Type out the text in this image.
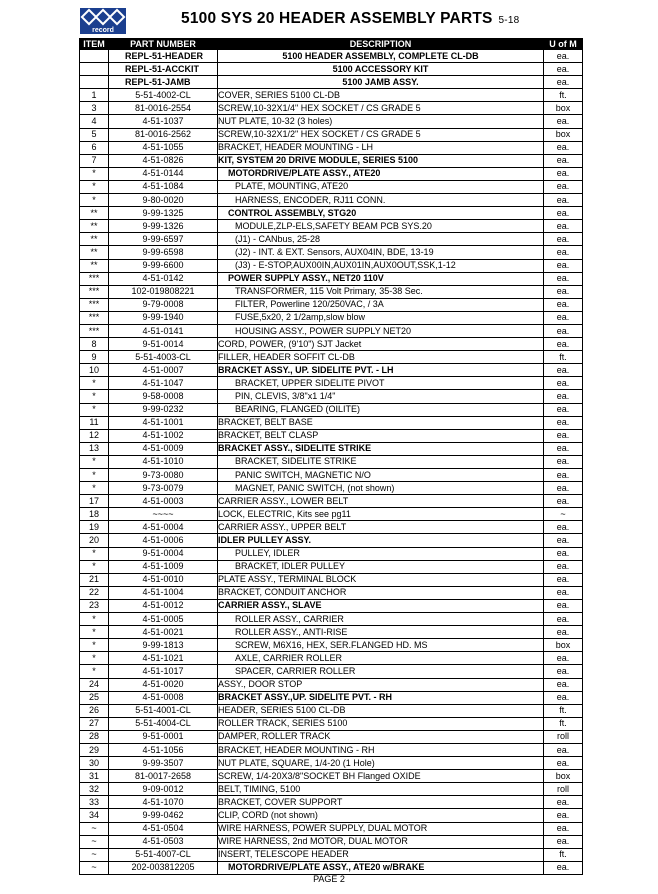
record
5100 SYS 20 HEADER ASSEMBLY PARTS 5-18
ITEM	PART NUMBER	DESCRIPTION	U of M
	REPL-51-HEADER	5100 HEADER ASSEMBLY, COMPLETE CL-DB	ea.
	REPL-51-ACCKIT	5100 ACCESSORY KIT	ea.
	REPL-51-JAMB	5100 JAMB ASSY.	ea.
1	5-51-4002-CL	COVER, SERIES 5100 CL-DB	ft.
3	81-0016-2554	SCREW,10-32X1/4" HEX SOCKET / CS GRADE 5	box
4	4-51-1037	NUT PLATE, 10-32 (3 holes)	ea.
5	81-0016-2562	SCREW,10-32X1/2" HEX SOCKET / CS GRADE 5	box
6	4-51-1055	BRACKET, HEADER MOUNTING - LH	ea.
7	4-51-0826	KIT, SYSTEM 20 DRIVE MODULE, SERIES 5100	ea.
*	4-51-0144	MOTORDRIVE/PLATE ASSY., ATE20	ea.
*	4-51-1084	PLATE, MOUNTING, ATE20	ea.
*	9-80-0020	HARNESS, ENCODER, RJ11 CONN.	ea.
**	9-99-1325	CONTROL ASSEMBLY, STG20	ea.
**	9-99-1326	MODULE,ZLP-ELS,SAFETY BEAM PCB SYS.20	ea.
**	9-99-6597	(J1) - CANbus, 25-28	ea.
**	9-99-6598	(J2) - INT. & EXT. Sensors, AUX04IN, BDE, 13-19	ea.
**	9-99-6600	(J3) - E-STOP,AUX00IN,AUX01IN,AUX0OUT,SSK,1-12	ea.
***	4-51-0142	POWER SUPPLY ASSY., NET20 110V	ea.
***	102-019808221	TRANSFORMER, 115 Volt Primary, 35-38 Sec.	ea.
***	9-79-0008	FILTER, Powerline 120/250VAC, / 3A	ea.
***	9-99-1940	FUSE,5x20, 2 1/2amp,slow blow	ea.
***	4-51-0141	HOUSING ASSY., POWER SUPPLY NET20	ea.
8	9-51-0014	CORD, POWER, (9'10") SJT Jacket	ea.
9	5-51-4003-CL	FILLER, HEADER SOFFIT CL-DB	ft.
10	4-51-0007	BRACKET ASSY., UP. SIDELITE PVT. - LH	ea.
*	4-51-1047	BRACKET, UPPER SIDELITE PIVOT	ea.
*	9-58-0008	PIN, CLEVIS, 3/8"x1 1/4"	ea.
*	9-99-0232	BEARING, FLANGED (OILITE)	ea.
11	4-51-1001	BRACKET, BELT BASE	ea.
12	4-51-1002	BRACKET, BELT CLASP	ea.
13	4-51-0009	BRACKET ASSY., SIDELITE STRIKE	ea.
*	4-51-1010	BRACKET, SIDELITE STRIKE	ea.
*	9-73-0080	PANIC SWITCH, MAGNETIC N/O	ea.
*	9-73-0079	MAGNET, PANIC SWITCH, (not shown)	ea.
17	4-51-0003	CARRIER ASSY., LOWER BELT	ea.
18	~~~~	LOCK, ELECTRIC, Kits see pg11	~
19	4-51-0004	CARRIER ASSY., UPPER BELT	ea.
20	4-51-0006	IDLER PULLEY ASSY.	ea.
*	9-51-0004	PULLEY, IDLER	ea.
*	4-51-1009	BRACKET, IDLER PULLEY	ea.
21	4-51-0010	PLATE ASSY., TERMINAL BLOCK	ea.
22	4-51-1004	BRACKET, CONDUIT ANCHOR	ea.
23	4-51-0012	CARRIER ASSY., SLAVE	ea.
*	4-51-0005	ROLLER ASSY., CARRIER	ea.
*	4-51-0021	ROLLER ASSY., ANTI-RISE	ea.
*	9-99-1813	SCREW, M6X16, HEX, SER.FLANGED HD. MS	box
*	4-51-1021	AXLE, CARRIER ROLLER	ea.
*	4-51-1017	SPACER, CARRIER ROLLER	ea.
24	4-51-0020	ASSY., DOOR STOP	ea.
25	4-51-0008	BRACKET ASSY.,UP. SIDELITE PVT. - RH	ea.
26	5-51-4001-CL	HEADER, SERIES 5100 CL-DB	ft.
27	5-51-4004-CL	ROLLER TRACK, SERIES 5100	ft.
28	9-51-0001	DAMPER, ROLLER TRACK	roll
29	4-51-1056	BRACKET, HEADER MOUNTING - RH	ea.
30	9-99-3507	NUT PLATE, SQUARE, 1/4-20 (1 Hole)	ea.
31	81-0017-2658	SCREW, 1/4-20X3/8"SOCKET BH Flanged OXIDE	box
32	9-09-0012	BELT, TIMING, 5100	roll
33	4-51-1070	BRACKET, COVER SUPPORT	ea.
34	9-99-0462	CLIP, CORD (not shown)	ea.
~	4-51-0504	WIRE HARNESS, POWER SUPPLY, DUAL MOTOR	ea.
~	4-51-0503	WIRE HARNESS, 2nd MOTOR, DUAL MOTOR	ea.
~	5-51-4007-CL	INSERT, TELESCOPE HEADER	ft.
~	202-003812205	MOTORDRIVE/PLATE ASSY., ATE20 w/BRAKE	ea.
PAGE 2
